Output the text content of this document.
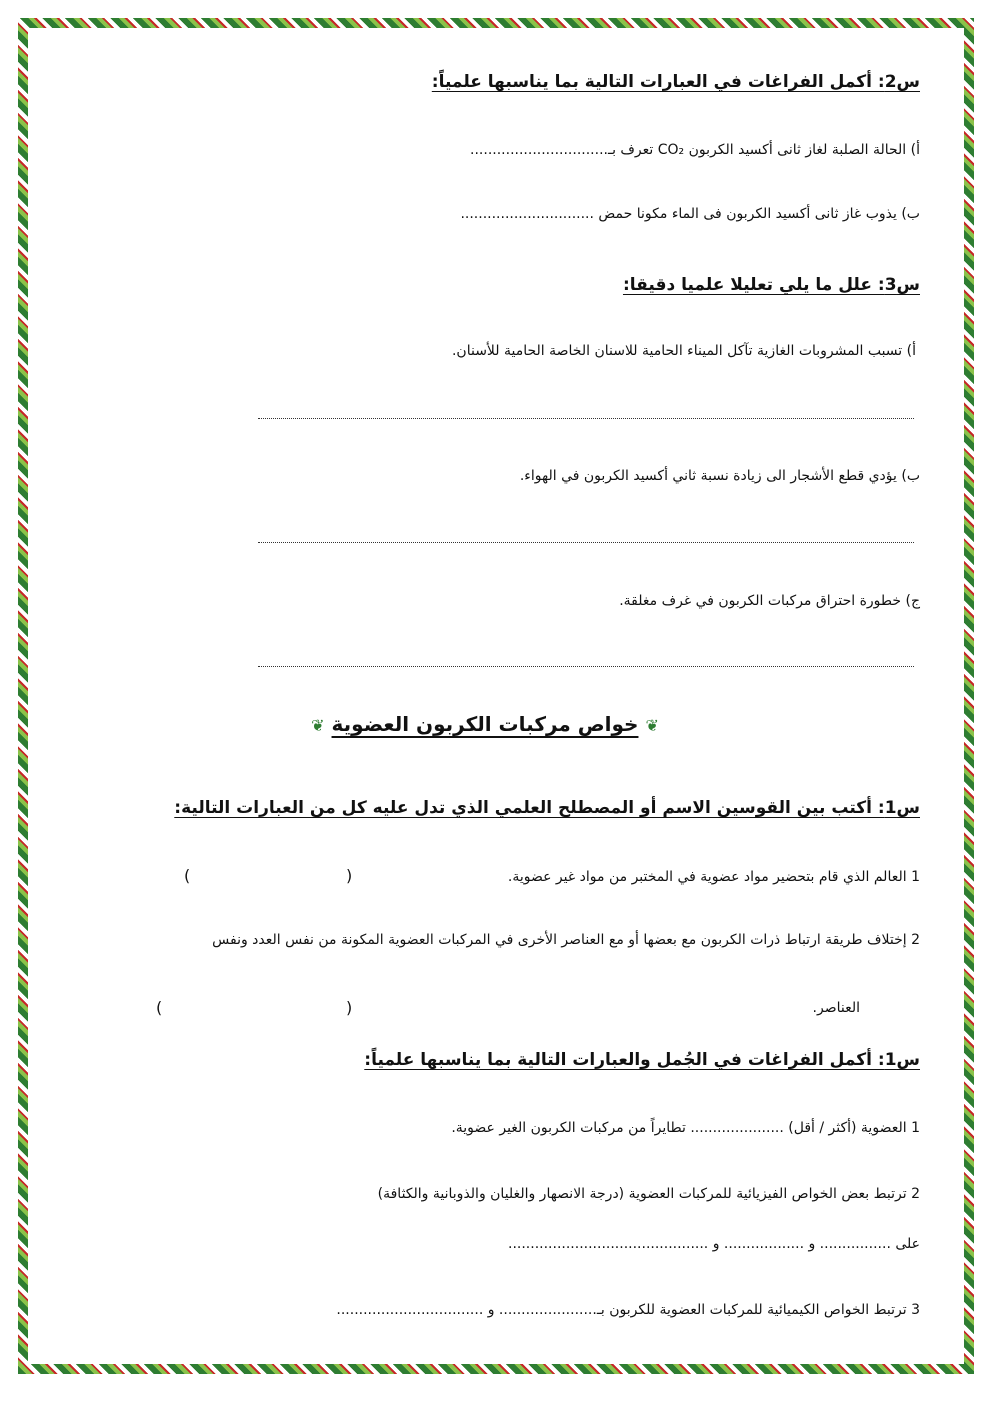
س2: أكمل الفراغات في العبارات التالية بما يناسبها علمياً:
أ) الحالة الصلبة لغاز ثانى أكسيد الكربون CO₂ تعرف بـ...............................
ب) يذوب غاز ثانى أكسيد الكربون فى الماء مكونا حمض ..............................
س3: علل ما يلي تعليلا علميا دقيقا:
أ) تسبب المشروبات الغازية تآكل الميناء الحامية للاسنان الخاصة الحامية للأسنان.
ب) يؤدي قطع الأشجار الى زيادة نسبة ثاني أكسيد الكربون في الهواء.
ج) خطورة احتراق مركبات الكربون في غرف مغلقة.
❦ خواص مركبات الكربون العضوية ❦
س1: أكتب بين القوسين الاسم أو المصطلح العلمي الذي تدل عليه كل من العبارات التالية:
1 العالم الذي قام بتحضير مواد عضوية في المختبر من مواد غير عضوية.
(
)
2 إختلاف طريقة ارتباط ذرات الكربون مع بعضها أو مع العناصر الأخرى في المركبات العضوية المكونة من نفس العدد ونفس
العناصر.
(
)
س1: أكمل الفراغات في الجُمل والعبارات التالية بما يناسبها علمياً:
1 العضوية (أكثر / أقل) ..................... تطايراً من مركبات الكربون الغير عضوية.
2 ترتبط بعض الخواص الفيزيائية للمركبات العضوية (درجة الانصهار والغليان والذوبانية والكثافة)
على ................ و .................. و .............................................
3 ترتبط الخواص الكيميائية للمركبات العضوية للكربون بـ...................... و .................................
